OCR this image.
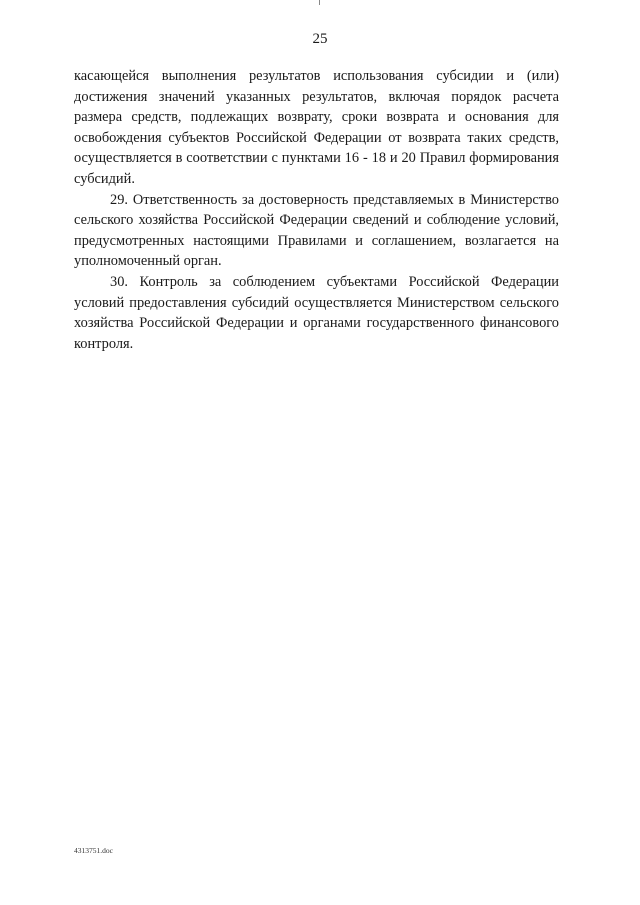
25

касающейся выполнения результатов использования субсидии и (или) достижения значений указанных результатов, включая порядок расчета размера средств, подлежащих возврату, сроки возврата и основания для освобождения субъектов Российской Федерации от возврата таких средств, осуществляется в соответствии с пунктами 16 - 18 и 20 Правил формирования субсидий.

29. Ответственность за достоверность представляемых в Министерство сельского хозяйства Российской Федерации сведений и соблюдение условий, предусмотренных настоящими Правилами и соглашением, возлагается на уполномоченный орган.

30. Контроль за соблюдением субъектами Российской Федерации условий предоставления субсидий осуществляется Министерством сельского хозяйства Российской Федерации и органами государственного финансового контроля.

4313751.doc
